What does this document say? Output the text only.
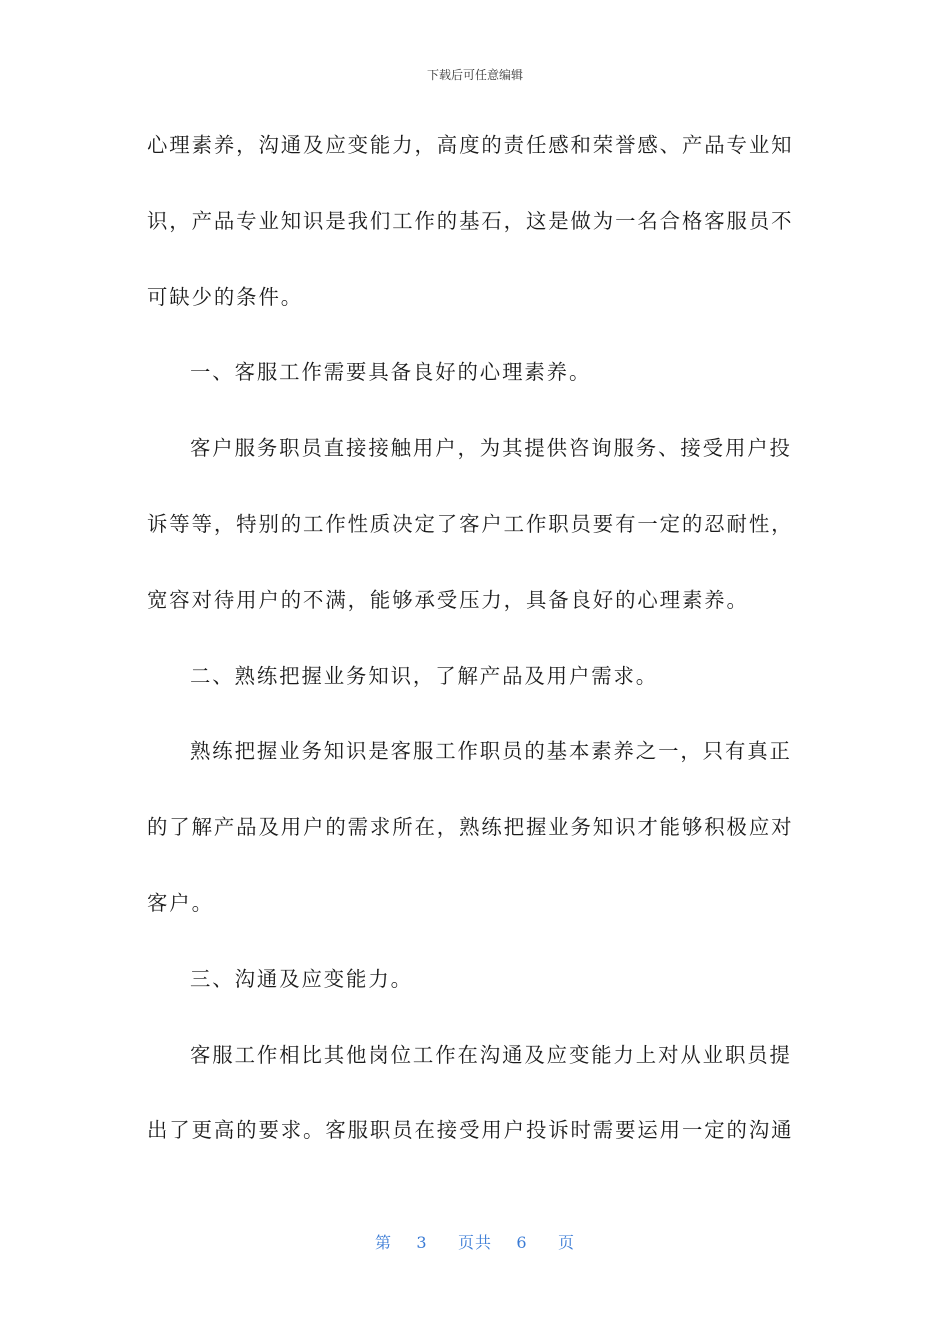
下载后可任意编辑
心理素养，沟通及应变能力，高度的责任感和荣誉感、产品专业知
识，产品专业知识是我们工作的基石，这是做为一名合格客服员不
可缺少的条件。
一、客服工作需要具备良好的心理素养。
客户服务职员直接接触用户，为其提供咨询服务、接受用户投
诉等等，特别的工作性质决定了客户工作职员要有一定的忍耐性，
宽容对待用户的不满，能够承受压力，具备良好的心理素养。
二、熟练把握业务知识，了解产品及用户需求。
熟练把握业务知识是客服工作职员的基本素养之一，只有真正
的了解产品及用户的需求所在，熟练把握业务知识才能够积极应对
客户。
三、沟通及应变能力。
客服工作相比其他岗位工作在沟通及应变能力上对从业职员提
出了更高的要求。客服职员在接受用户投诉时需要运用一定的沟通
第 3 页共 6 页
